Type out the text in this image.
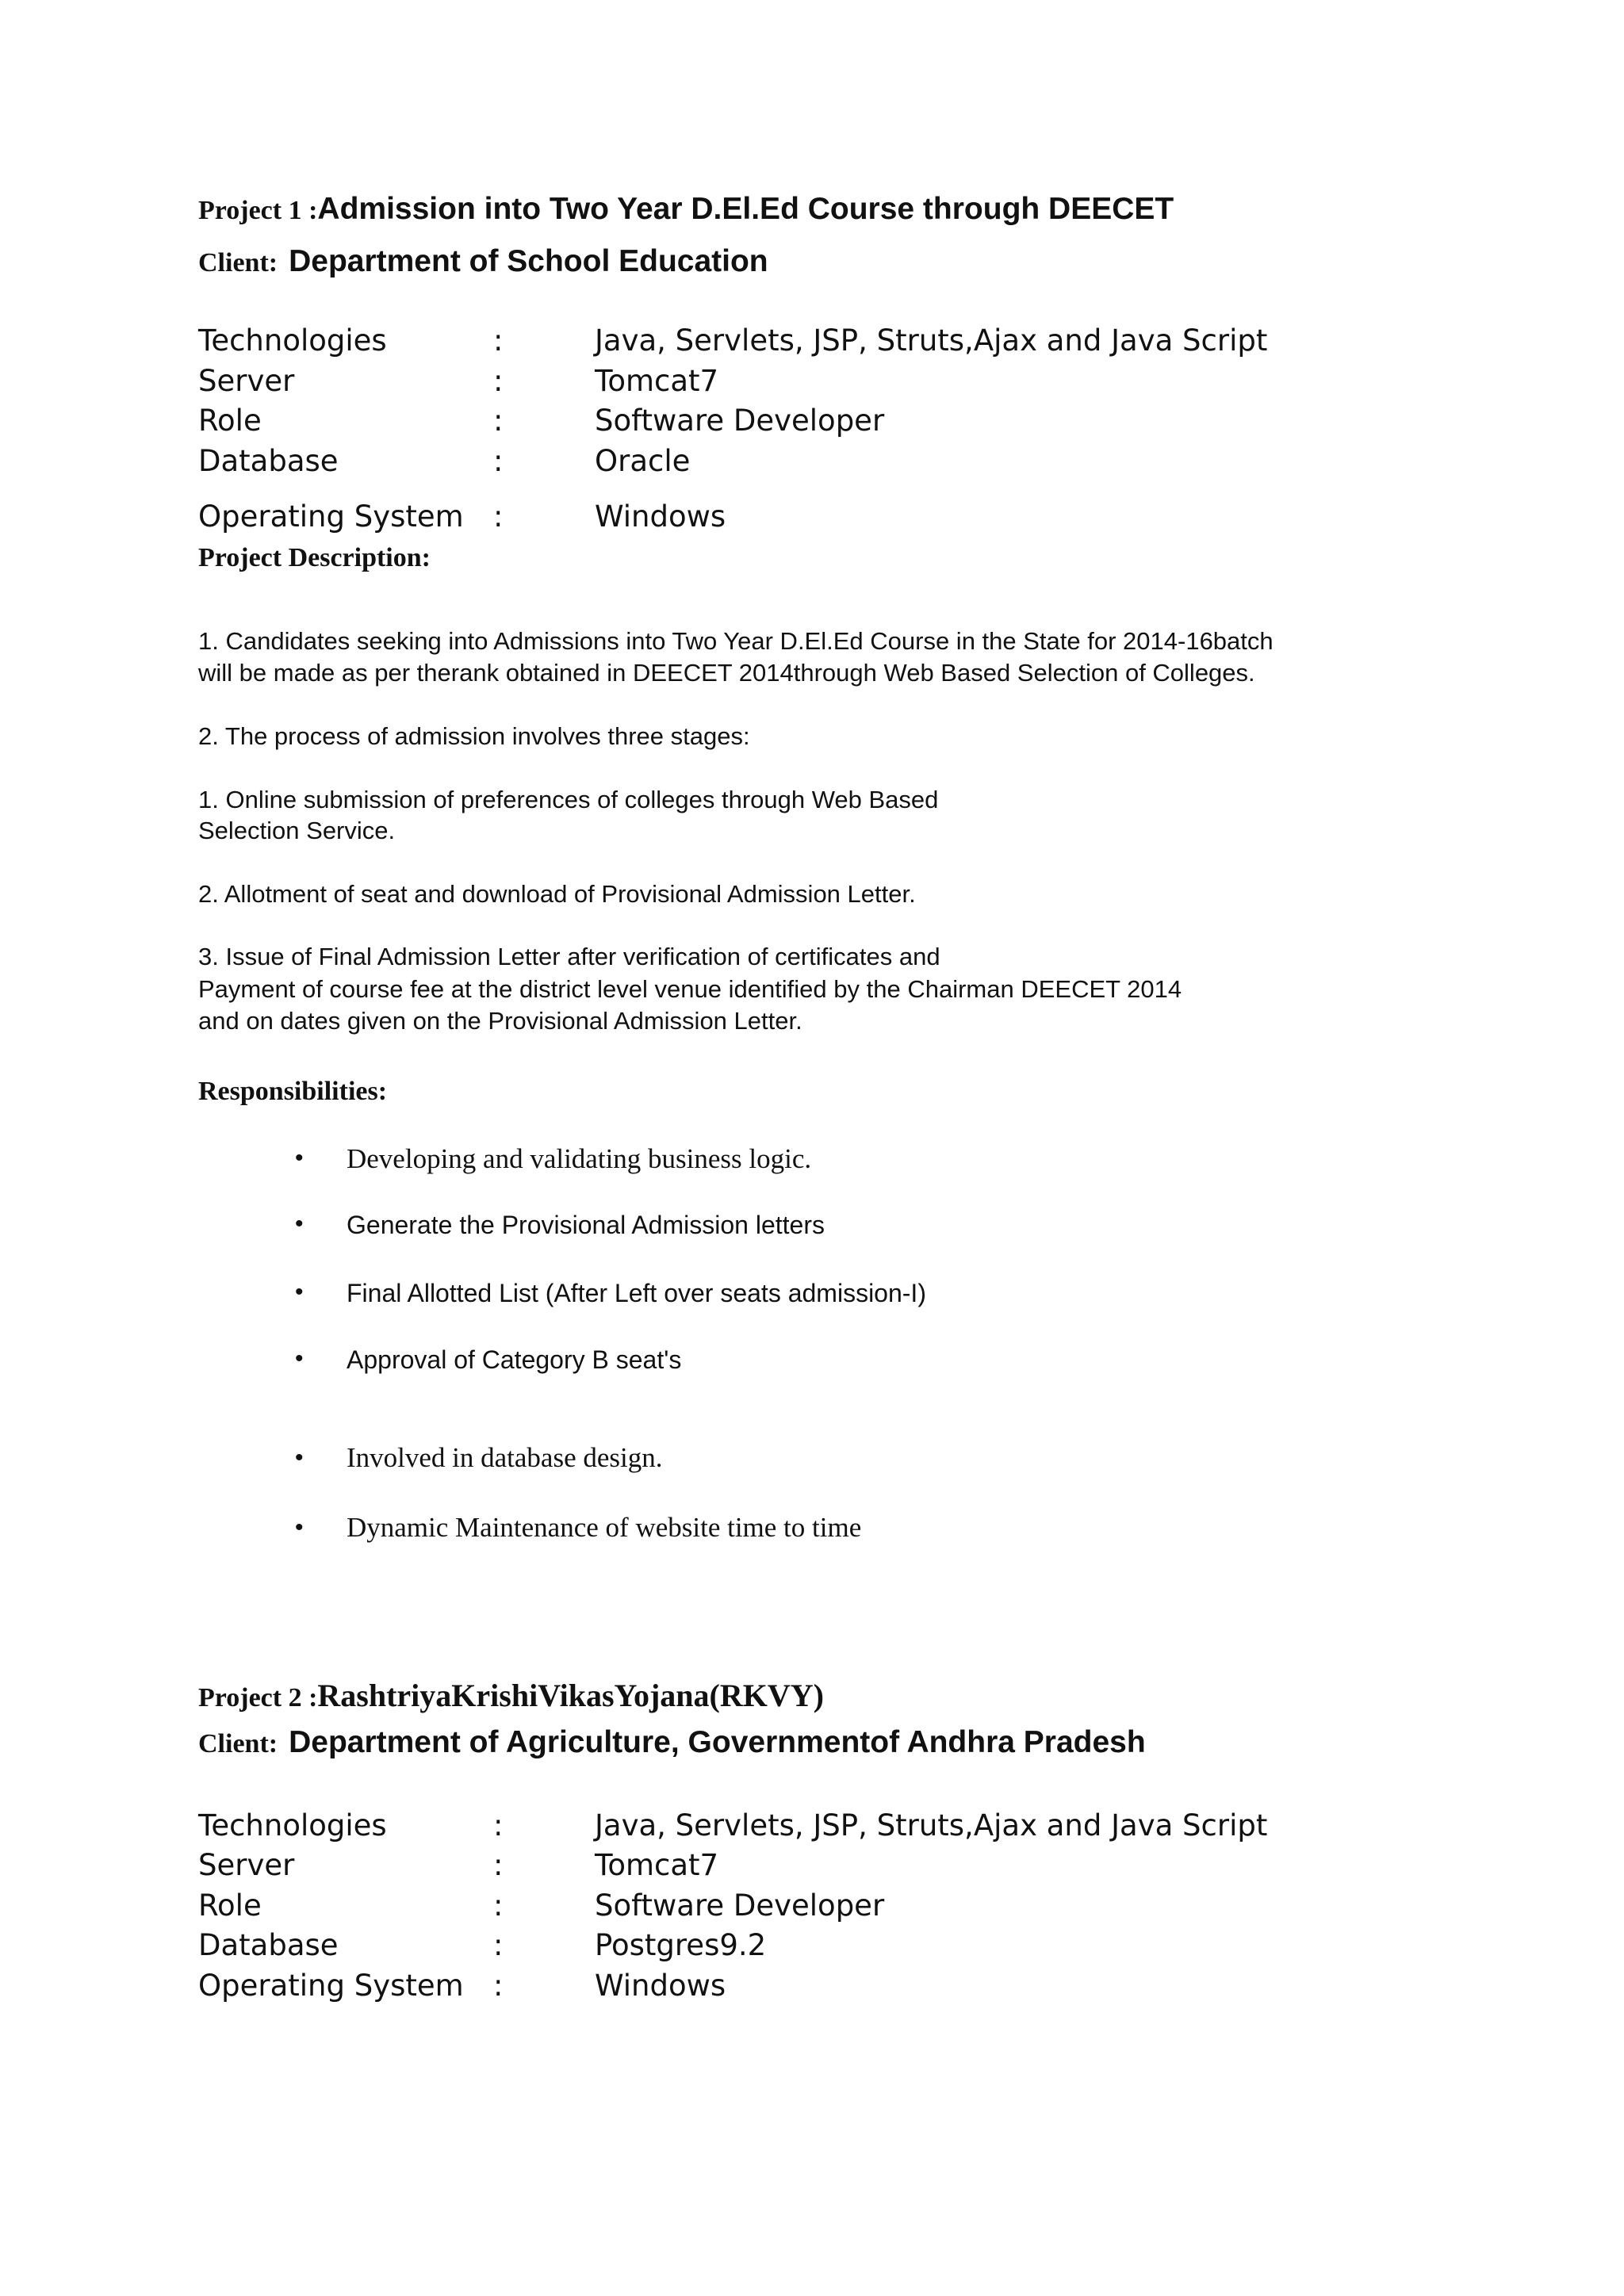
Project 1 :Admission into Two Year D.El.Ed Course through DEECET
Client: Department of School Education
Technologies	:	Java, Servlets, JSP, Struts,Ajax and Java Script
Server	:	Tomcat7
Role	:	Software Developer
Database	:	Oracle
Operating System :	Windows
Project Description:
1. Candidates seeking into Admissions into Two Year D.El.Ed Course in the State for 2014-16batch
will be made as per therank obtained in DEECET 2014through Web Based Selection of Colleges.
2. The process of admission involves three stages:
1. Online submission of preferences of colleges through Web Based
Selection Service.
2. Allotment of seat and download of Provisional Admission Letter.
3. Issue of Final Admission Letter after verification of certificates and
Payment of course fee at the district level venue identified by the Chairman DEECET 2014
and on dates given on the Provisional Admission Letter.
Responsibilities:
• Developing and validating business logic.
• Generate the Provisional Admission letters
• Final Allotted List (After Left over seats admission-I)
• Approval of Category B seat's
• Involved in database design.
• Dynamic Maintenance of website time to time
Project 2 :RashtriyaKrishiVikasYojana(RKVY)
Client: Department of Agriculture, Governmentof Andhra Pradesh
Technologies	:	Java, Servlets, JSP, Struts,Ajax and Java Script
Server	:	Tomcat7
Role	:	Software Developer
Database	:	Postgres9.2
Operating System :	Windows
